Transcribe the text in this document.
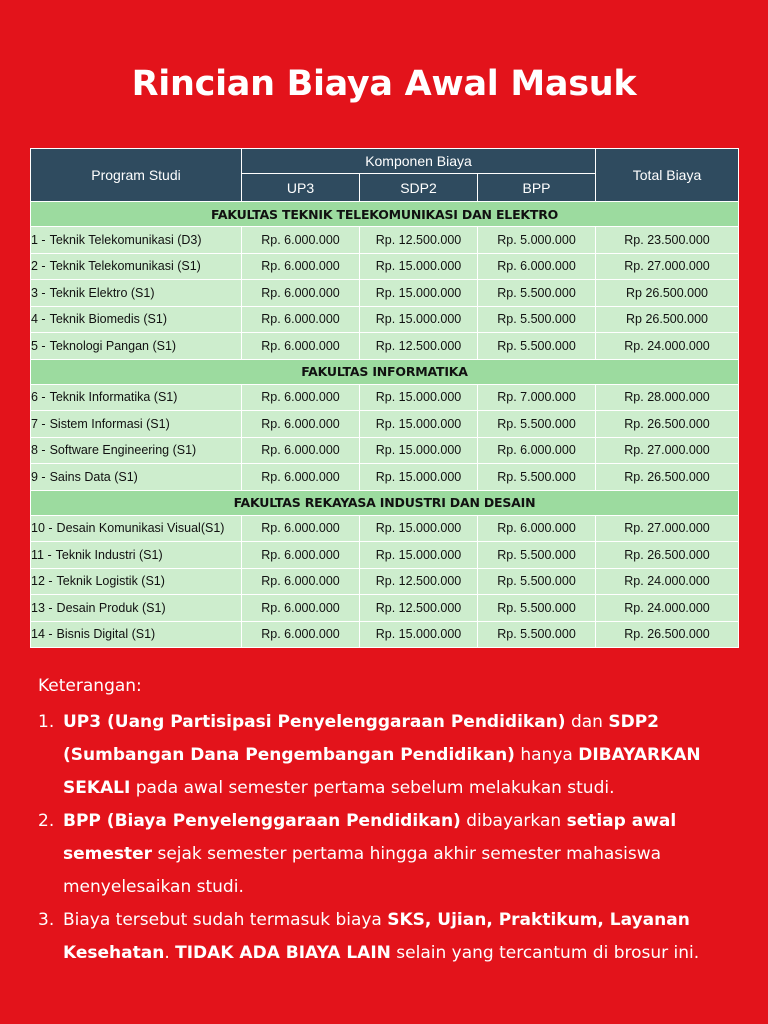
Rincian Biaya Awal Masuk
Program Studi	Komponen Biaya			Total Biaya
	UP3	SDP2	BPP	
FAKULTAS TEKNIK TELEKOMUNIKASI DAN ELEKTRO				
1 - Teknik Telekomunikasi (D3)	Rp. 6.000.000	Rp. 12.500.000	Rp. 5.000.000	Rp. 23.500.000
2 - Teknik Telekomunikasi (S1)	Rp. 6.000.000	Rp. 15.000.000	Rp. 6.000.000	Rp. 27.000.000
3 - Teknik Elektro (S1)	Rp. 6.000.000	Rp. 15.000.000	Rp. 5.500.000	Rp 26.500.000
4 - Teknik Biomedis (S1)	Rp. 6.000.000	Rp. 15.000.000	Rp. 5.500.000	Rp 26.500.000
5 - Teknologi Pangan (S1)	Rp. 6.000.000	Rp. 12.500.000	Rp. 5.500.000	Rp. 24.000.000
FAKULTAS INFORMATIKA				
6 - Teknik Informatika (S1)	Rp. 6.000.000	Rp. 15.000.000	Rp. 7.000.000	Rp. 28.000.000
7 - Sistem Informasi (S1)	Rp. 6.000.000	Rp. 15.000.000	Rp. 5.500.000	Rp. 26.500.000
8 - Software Engineering (S1)	Rp. 6.000.000	Rp. 15.000.000	Rp. 6.000.000	Rp. 27.000.000
9 - Sains Data (S1)	Rp. 6.000.000	Rp. 15.000.000	Rp. 5.500.000	Rp. 26.500.000
FAKULTAS REKAYASA INDUSTRI DAN DESAIN				
10 - Desain Komunikasi Visual(S1)	Rp. 6.000.000	Rp. 15.000.000	Rp. 6.000.000	Rp. 27.000.000
11 - Teknik Industri (S1)	Rp. 6.000.000	Rp. 15.000.000	Rp. 5.500.000	Rp. 26.500.000
12 - Teknik Logistik (S1)	Rp. 6.000.000	Rp. 12.500.000	Rp. 5.500.000	Rp. 24.000.000
13 - Desain Produk (S1)	Rp. 6.000.000	Rp. 12.500.000	Rp. 5.500.000	Rp. 24.000.000
14 - Bisnis Digital (S1)	Rp. 6.000.000	Rp. 15.000.000	Rp. 5.500.000	Rp. 26.500.000
Keterangan:
1. UP3 (Uang Partisipasi Penyelenggaraan Pendidikan) dan SDP2 (Sumbangan Dana Pengembangan Pendidikan) hanya DIBAYARKAN SEKALI pada awal semester pertama sebelum melakukan studi.
2. BPP (Biaya Penyelenggaraan Pendidikan) dibayarkan setiap awal semester sejak semester pertama hingga akhir semester mahasiswa menyelesaikan studi.
3. Biaya tersebut sudah termasuk biaya SKS, Ujian, Praktikum, Layanan Kesehatan. TIDAK ADA BIAYA LAIN selain yang tercantum di brosur ini.
